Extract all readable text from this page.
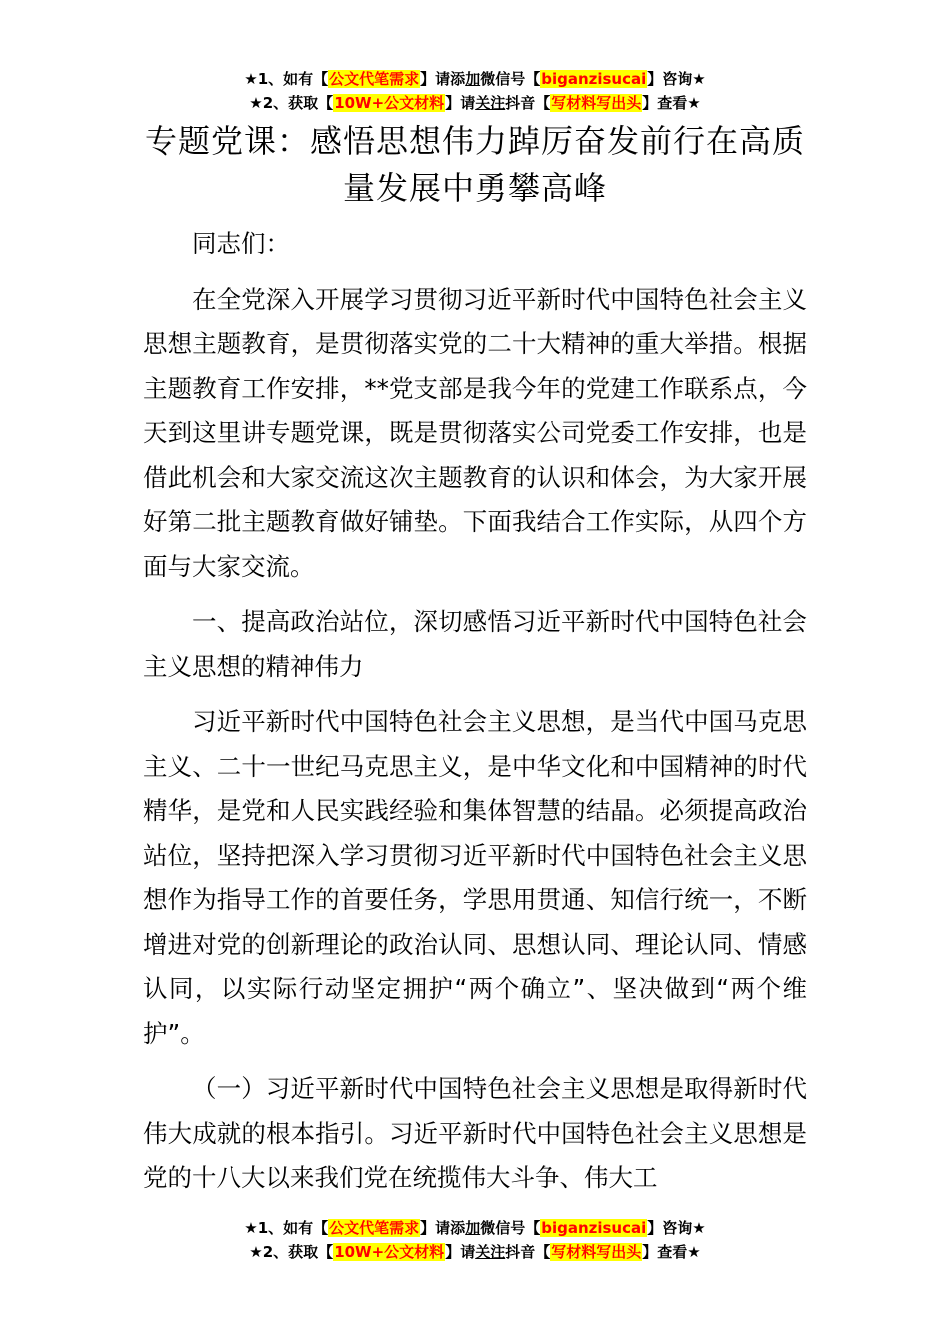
★1、如有【公文代笔需求】请添加微信号【biganzisucai】咨询★
★2、获取【10W+公文材料】请关注抖音【写材料写出头】查看★
专题党课：感悟思想伟力踔厉奋发前行在高质量发展中勇攀高峰

同志们：

在全党深入开展学习贯彻习近平新时代中国特色社会主义思想主题教育，是贯彻落实党的二十大精神的重大举措。根据主题教育工作安排，**党支部是我今年的党建工作联系点，今天到这里讲专题党课，既是贯彻落实公司党委工作安排，也是借此机会和大家交流这次主题教育的认识和体会，为大家开展好第二批主题教育做好铺垫。下面我结合工作实际，从四个方面与大家交流。

一、提高政治站位，深切感悟习近平新时代中国特色社会主义思想的精神伟力

习近平新时代中国特色社会主义思想，是当代中国马克思主义、二十一世纪马克思主义，是中华文化和中国精神的时代精华，是党和人民实践经验和集体智慧的结晶。必须提高政治站位，坚持把深入学习贯彻习近平新时代中国特色社会主义思想作为指导工作的首要任务，学思用贯通、知信行统一，不断增进对党的创新理论的政治认同、思想认同、理论认同、情感认同，以实际行动坚定拥护“两个确立”、坚决做到“两个维护”。

（一）习近平新时代中国特色社会主义思想是取得新时代伟大成就的根本指引。习近平新时代中国特色社会主义思想是党的十八大以来我们党在统揽伟大斗争、伟大工

★1、如有【公文代笔需求】请添加微信号【biganzisucai】咨询★
★2、获取【10W+公文材料】请关注抖音【写材料写出头】查看★
